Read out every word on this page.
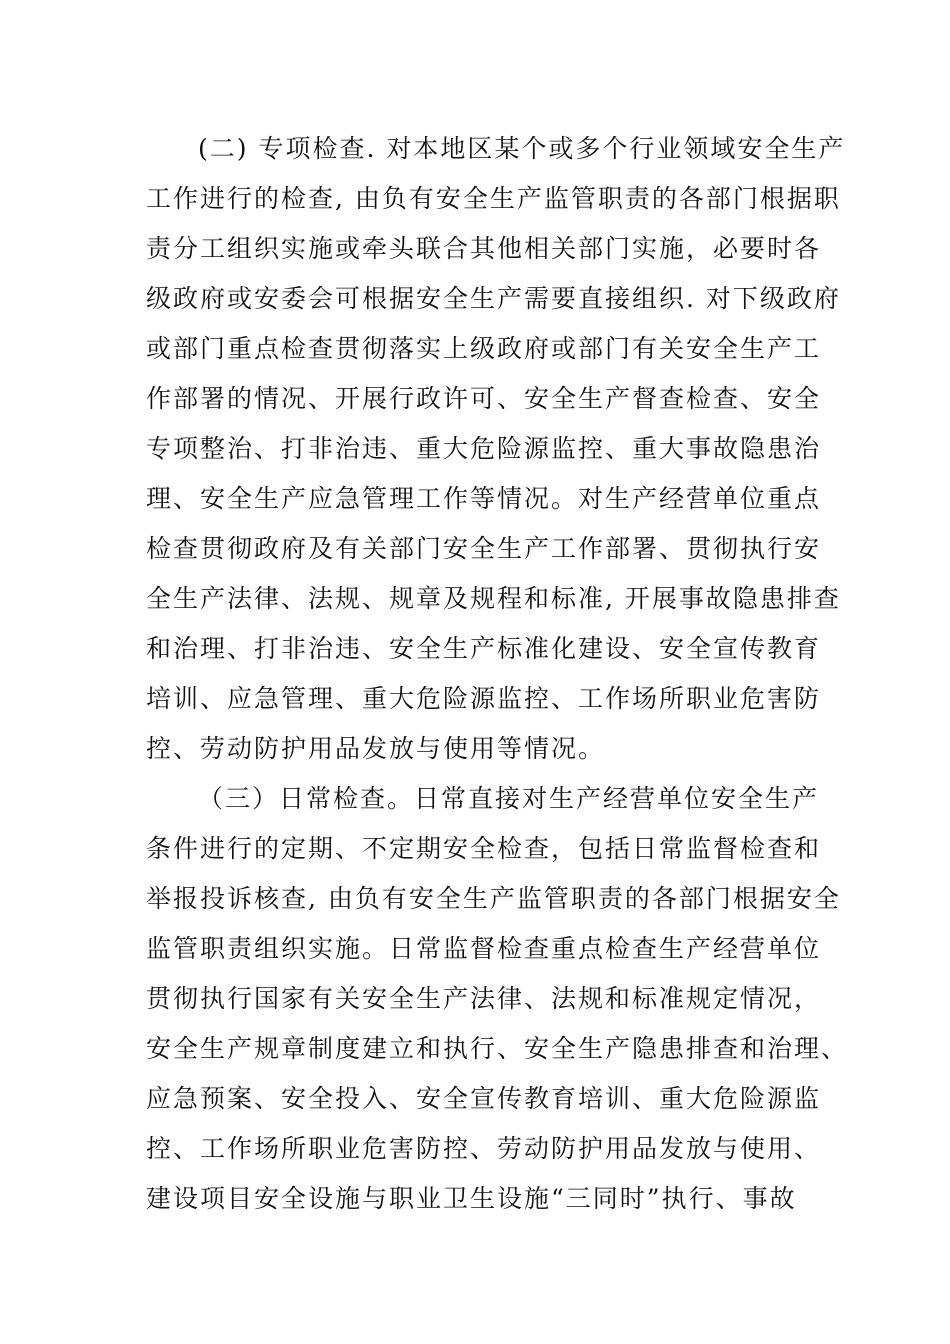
(二) 专项检查. 对本地区某个或多个行业领域安全生产
工作进行的检查, 由负有安全生产监管职责的各部门根据职
责分工组织实施或牵头联合其他相关部门实施，必要时各
级政府或安委会可根据安全生产需要直接组织. 对下级政府
或部门重点检查贯彻落实上级政府或部门有关安全生产工
作部署的情况、开展行政许可、安全生产督查检查、安全
专项整治、打非治违、重大危险源监控、重大事故隐患治
理、安全生产应急管理工作等情况。对生产经营单位重点
检查贯彻政府及有关部门安全生产工作部署、贯彻执行安
全生产法律、法规、规章及规程和标准, 开展事故隐患排查
和治理、打非治违、安全生产标准化建设、安全宣传教育
培训、应急管理、重大危险源监控、工作场所职业危害防
控、劳动防护用品发放与使用等情况。
（三）日常检查。日常直接对生产经营单位安全生产
条件进行的定期、不定期安全检查，包括日常监督检查和
举报投诉核查, 由负有安全生产监管职责的各部门根据安全
监管职责组织实施。日常监督检查重点检查生产经营单位
贯彻执行国家有关安全生产法律、法规和标准规定情况，
安全生产规章制度建立和执行、安全生产隐患排查和治理、
应急预案、安全投入、安全宣传教育培训、重大危险源监
控、工作场所职业危害防控、劳动防护用品发放与使用、
建设项目安全设施与职业卫生设施“三同时”执行、事故
